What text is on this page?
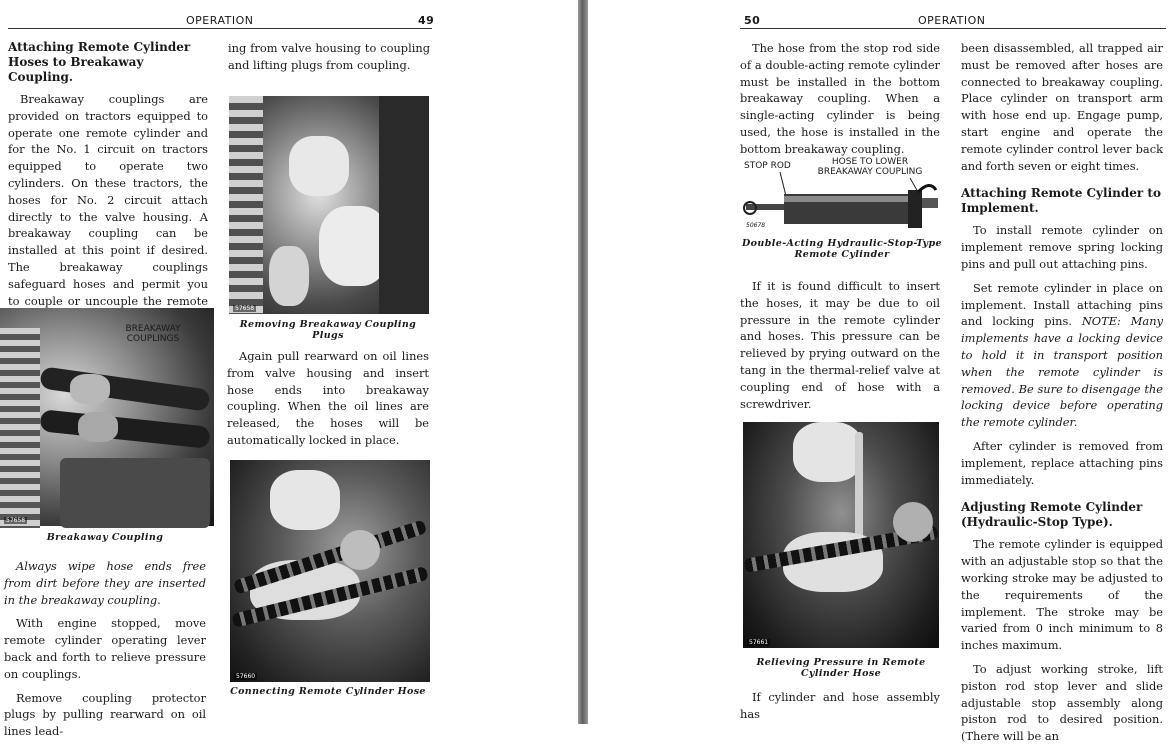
OPERATION	49
Attaching Remote Cylinder Hoses to Breakaway Coupling.

Breakaway couplings are provided on tractors equipped to operate one remote cylinder and for the No. 1 circuit on tractors equipped to operate two cylinders. On these tractors, the hoses for No. 2 circuit attach directly to the valve housing. A breakaway coupling can be installed at this point if desired. The breakaway couplings safeguard hoses and permit you to couple or uncouple the remote

BREAKAWAY COUPLINGS
57658
Breakaway Coupling

Always wipe hose ends free from dirt before they are inserted in the breakaway coupling.

With engine stopped, move remote cylinder operating lever back and forth to relieve pressure on couplings.

Remove coupling protector plugs by pulling rearward on oil lines lead-

ing from valve housing to coupling and lifting plugs from coupling.

57658
Removing Breakaway Coupling Plugs

Again pull rearward on oil lines from valve housing and insert hose ends into breakaway coupling. When the oil lines are released, the hoses will be automatically locked in place.

57660
Connecting Remote Cylinder Hose
50	OPERATION

The hose from the stop rod side of a double-acting remote cylinder must be installed in the bottom breakaway coupling. When a single-acting cylinder is being used, the hose is installed in the bottom breakaway coupling.

STOP ROD	HOSE TO LOWER BREAKAWAY COUPLING
50678
Double-Acting Hydraulic-Stop-Type Remote Cylinder

If it is found difficult to insert the hoses, it may be due to oil pressure in the remote cylinder and hoses. This pressure can be relieved by prying outward on the tang in the thermal-relief valve at coupling end of hose with a screwdriver.

57661
Relieving Pressure in Remote Cylinder Hose

If cylinder and hose assembly has

been disassembled, all trapped air must be removed after hoses are connected to breakaway coupling. Place cylinder on transport arm with hose end up. Engage pump, start engine and operate the remote cylinder control lever back and forth seven or eight times.

Attaching Remote Cylinder to Implement.

To install remote cylinder on implement remove spring locking pins and pull out attaching pins.

Set remote cylinder in place on implement. Install attaching pins and locking pins. NOTE: Many implements have a locking device to hold it in transport position when the remote cylinder is removed. Be sure to disengage the locking device before operating the remote cylinder.

After cylinder is removed from implement, replace attaching pins immediately.

Adjusting Remote Cylinder (Hydraulic-Stop Type).

The remote cylinder is equipped with an adjustable stop so that the working stroke may be adjusted to the requirements of the implement. The stroke may be varied from 0 inch minimum to 8 inches maximum.

To adjust working stroke, lift piston rod stop lever and slide adjustable stop assembly along piston rod to desired position. (There will be an
